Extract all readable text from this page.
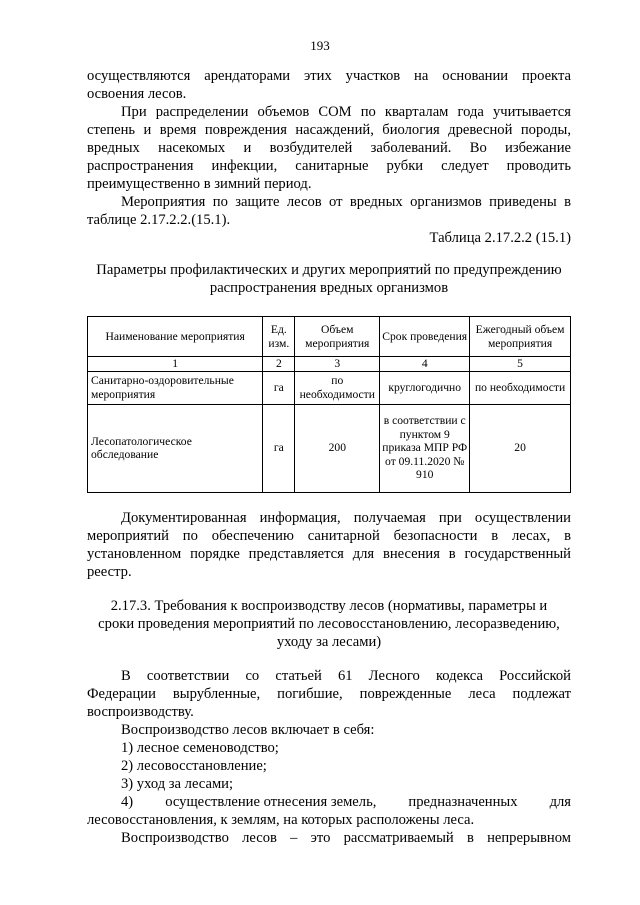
193
осуществляются арендаторами этих участков на основании проекта
освоения лесов.
При распределении объемов СОМ по кварталам года учитывается
степень и время повреждения насаждений, биология древесной породы,
вредных насекомых и возбудителей заболеваний. Во избежание
распространения инфекции, санитарные рубки следует проводить
преимущественно в зимний период.
Мероприятия по защите лесов от вредных организмов приведены в
таблице 2.17.2.2.(15.1).
Таблица 2.17.2.2 (15.1)
Параметры профилактических и других мероприятий по предупреждению
распространения вредных организмов
Наименование мероприятия	Ед. изм.	Объем мероприятия	Срок проведения	Ежегодный объем мероприятия
1	2	3	4	5
Санитарно-оздоровительные мероприятия	га	по необходимости	круглогодично	по необходимости
Лесопатологическое обследование	га	200	в соответствии с пунктом 9 приказа МПР РФ от 09.11.2020 № 910	20
Документированная информация, получаемая при осуществлении
мероприятий по обеспечению санитарной безопасности в лесах, в
установленном порядке представляется для внесения в государственный
реестр.
2.17.3. Требования к воспроизводству лесов (нормативы, параметры и
сроки проведения мероприятий по лесовосстановлению, лесоразведению,
уходу за лесами)
В соответствии со статьей 61 Лесного кодекса Российской
Федерации вырубленные, погибшие, поврежденные леса подлежат
воспроизводству.
Воспроизводство лесов включает в себя:
1) лесное семеноводство;
2) лесовосстановление;
3) уход за лесами;
4) осуществление отнесения земель, предназначенных для
лесовосстановления, к землям, на которых расположены леса.
Воспроизводство лесов – это рассматриваемый в непрерывном
